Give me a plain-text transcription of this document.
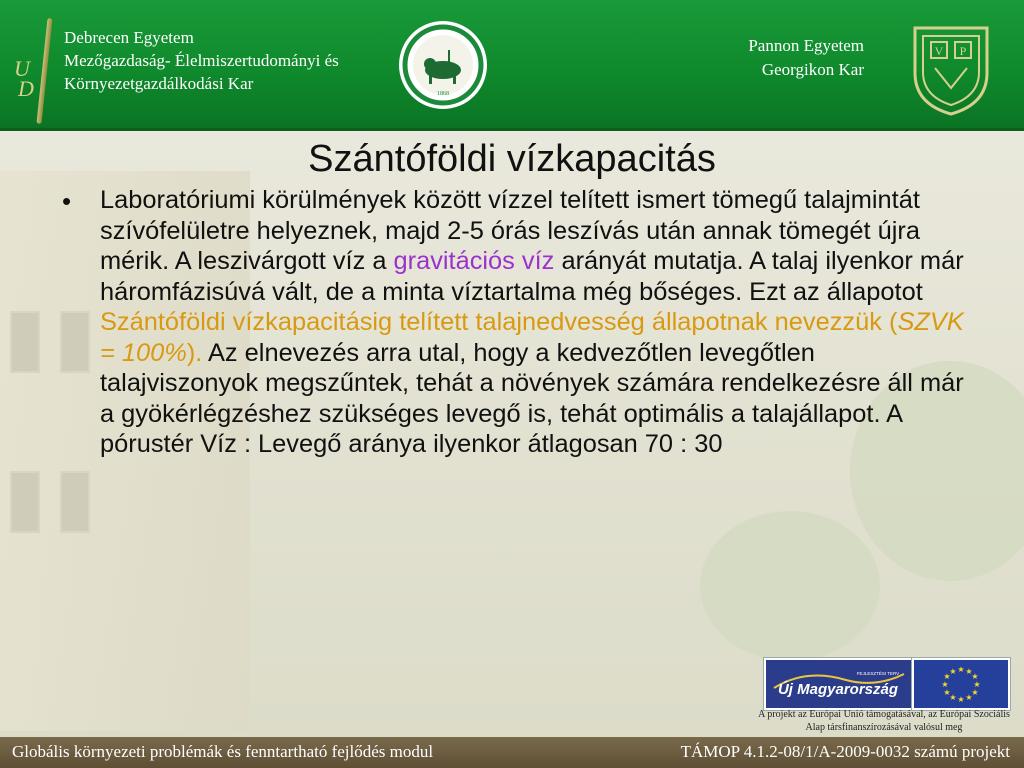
U
D
Debrecen Egyetem
Mezőgazdaság- Élelmiszertudományi és
Környezetgazdálkodási Kar
1868
Pannon Egyetem
Georgikon Kar
V P
Szántóföldi vízkapacitás
• Laboratóriumi körülmények között vízzel telített ismert tömegű talajmintát szívófelületre helyeznek, majd 2-5 órás leszívás után annak tömegét újra mérik. A leszivárgott víz a gravitációs víz arányát mutatja. A talaj ilyenkor már háromfázisúvá vált, de a minta víztartalma még bőséges. Ezt az állapotot Szántóföldi vízkapacitásig telített talajnedvesség állapotnak nevezzük (SZVK = 100%). Az elnevezés arra utal, hogy a kedvezőtlen levegőtlen talajviszonyok megszűntek, tehát a növények számára rendelkezésre áll már a gyökérlégzéshez szükséges levegő is, tehát optimális a talajállapot. A pórustér Víz : Levegő aránya ilyenkor átlagosan 70 : 30

Új Magyarország
FEJLESZTÉSI TERV	★ ★
★
★
★
★
★
★
★
★
★
★
A projekt az Európai Unió támogatásával, az Európai Szociális Alap társfinanszírozásával valósul meg
Globális környezeti problémák és fenntartható fejlődés modul	TÁMOP 4.1.2-08/1/A-2009-0032 számú projekt
